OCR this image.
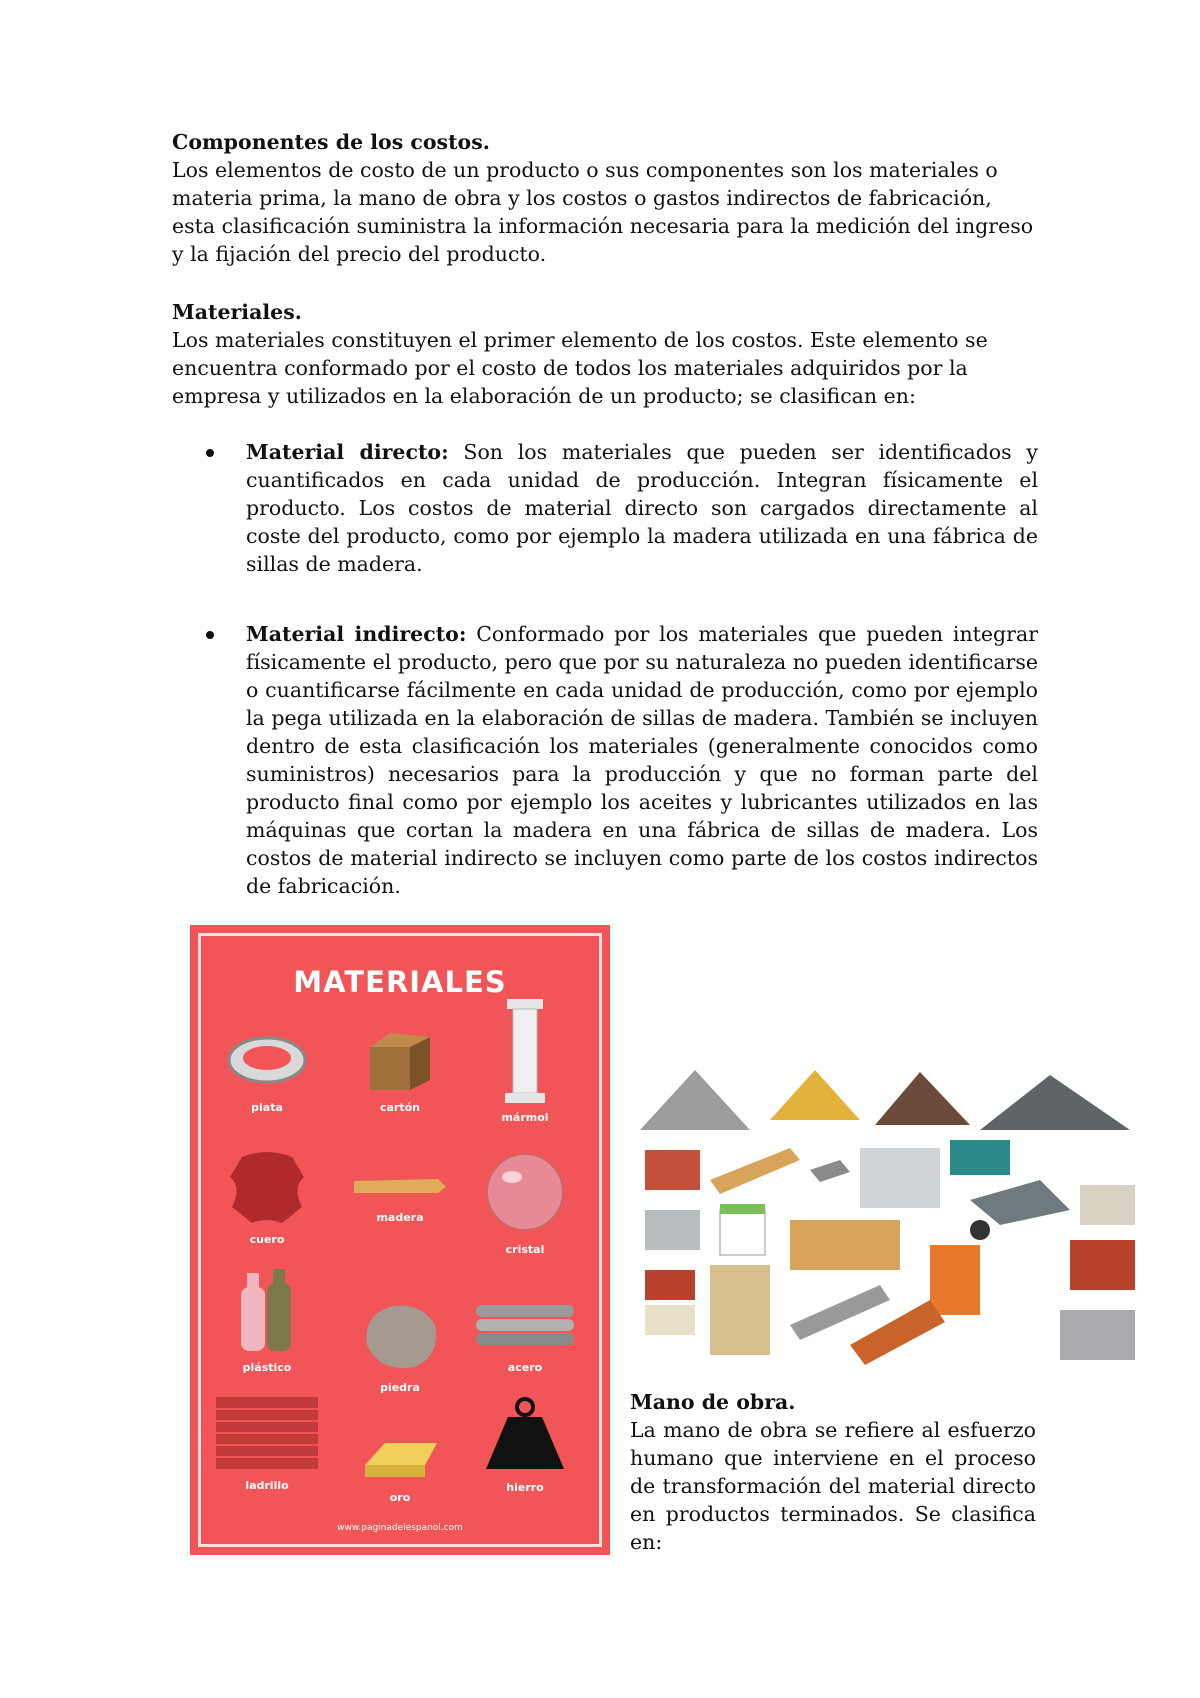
Componentes de los costos.
Los elementos de costo de un producto o sus componentes son los materiales o materia prima, la mano de obra y los costos o gastos indirectos de fabricación, esta clasificación suministra la información necesaria para la medición del ingreso y la fijación del precio del producto.
Materiales.
Los materiales constituyen el primer elemento de los costos. Este elemento se encuentra conformado por el costo de todos los materiales adquiridos por la empresa y utilizados en la elaboración de un producto; se clasifican en:
Material directo: Son los materiales que pueden ser identificados y cuantificados en cada unidad de producción. Integran físicamente el producto. Los costos de material directo son cargados directamente al coste del producto, como por ejemplo la madera utilizada en una fábrica de sillas de madera.
Material indirecto: Conformado por los materiales que pueden integrar físicamente el producto, pero que por su naturaleza no pueden identificarse o cuantificarse fácilmente en cada unidad de producción, como por ejemplo la pega utilizada en la elaboración de sillas de madera. También se incluyen dentro de esta clasificación los materiales (generalmente conocidos como suministros) necesarios para la producción y que no forman parte del producto final como por ejemplo los aceites y lubricantes utilizados en las máquinas que cortan la madera en una fábrica de sillas de madera. Los costos de material indirecto se incluyen como parte de los costos indirectos de fabricación.
MATERIALES
plata	cartón
mármol
cuero
madera
cristal
plástico
piedra
acero
ladrillo
oro
hierro
www.paginadelespanol.com
Mano de obra.
La mano de obra se refiere al esfuerzo humano que interviene en el proceso de transformación del material directo en productos terminados. Se clasifica en:
